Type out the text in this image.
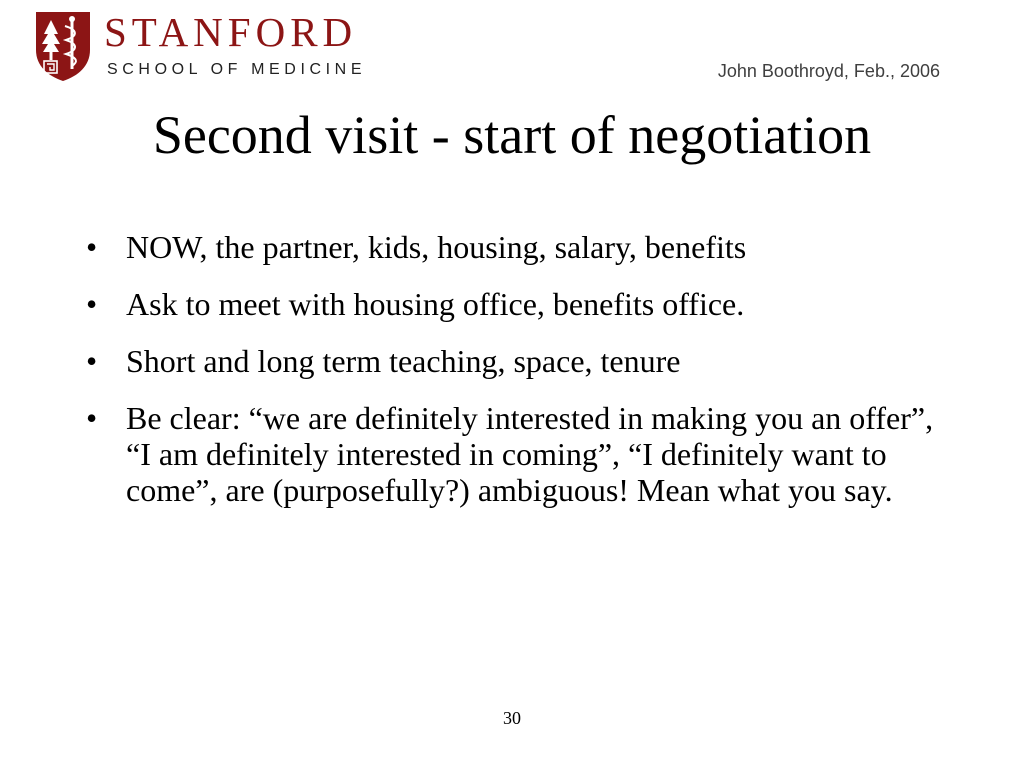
STANFORD
SCHOOL OF MEDICINE	John Boothroyd, Feb., 2006
Second visit - start of negotiation
• NOW, the partner, kids, housing, salary, benefits
• Ask to meet with housing office, benefits office.
• Short and long term teaching, space, tenure
• Be clear: “we are definitely interested in making you an offer”, “I am definitely interested in coming”, “I definitely want to come”, are (purposefully?) ambiguous! Mean what you say.
30
